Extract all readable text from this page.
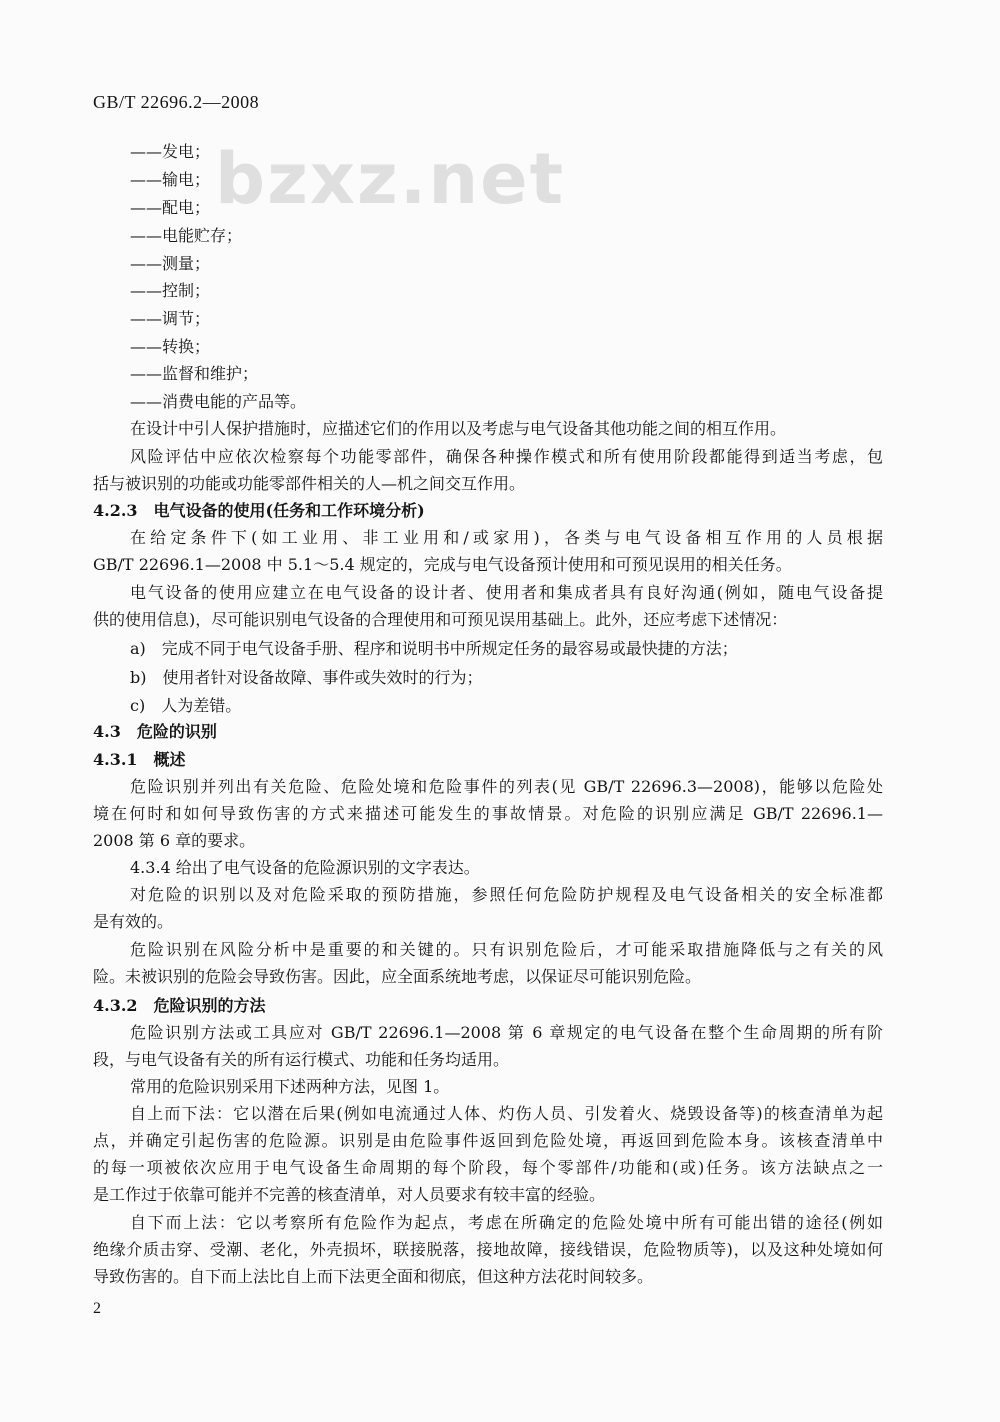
GB/T 22696.2—2008
bzxz.net
——发电；
——输电；
——配电；
——电能贮存；
——测量；
——控制；
——调节；
——转换；
——监督和维护；
——消费电能的产品等。
在设计中引人保护措施时，应描述它们的作用以及考虑与电气设备其他功能之间的相互作用。
风险评估中应依次检察每个功能零部件，确保各种操作模式和所有使用阶段都能得到适当考虑，包
括与被识别的功能或功能零部件相关的人—机之间交互作用。
4.2.3　电气设备的使用(任务和工作环境分析)
在给定条件下(如工业用、非工业用和/或家用)，各类与电气设备相互作用的人员根据
GB/T 22696.1—2008 中 5.1～5.4 规定的，完成与电气设备预计使用和可预见误用的相关任务。
电气设备的使用应建立在电气设备的设计者、使用者和集成者具有良好沟通(例如，随电气设备提
供的使用信息)，尽可能识别电气设备的合理使用和可预见误用基础上。此外，还应考虑下述情况：
a)　完成不同于电气设备手册、程序和说明书中所规定任务的最容易或最快捷的方法；
b)　使用者针对设备故障、事件或失效时的行为；
c)　人为差错。
4.3　危险的识别
4.3.1　概述
危险识别并列出有关危险、危险处境和危险事件的列表(见 GB/T 22696.3—2008)，能够以危险处
境在何时和如何导致伤害的方式来描述可能发生的事故情景。对危险的识别应满足 GB/T 22696.1—
2008 第 6 章的要求。
4.3.4 给出了电气设备的危险源识别的文字表达。
对危险的识别以及对危险采取的预防措施，参照任何危险防护规程及电气设备相关的安全标准都
是有效的。
危险识别在风险分析中是重要的和关键的。只有识别危险后，才可能采取措施降低与之有关的风
险。未被识别的危险会导致伤害。因此，应全面系统地考虑，以保证尽可能识别危险。
4.3.2　危险识别的方法
危险识别方法或工具应对 GB/T 22696.1—2008 第 6 章规定的电气设备在整个生命周期的所有阶
段，与电气设备有关的所有运行模式、功能和任务均适用。
常用的危险识别采用下述两种方法，见图 1。
自上而下法：它以潜在后果(例如电流通过人体、灼伤人员、引发着火、烧毁设备等)的核查清单为起
点，并确定引起伤害的危险源。识别是由危险事件返回到危险处境，再返回到危险本身。该核查清单中
的每一项被依次应用于电气设备生命周期的每个阶段，每个零部件/功能和(或)任务。该方法缺点之一
是工作过于依靠可能并不完善的核查清单，对人员要求有较丰富的经验。
自下而上法：它以考察所有危险作为起点，考虑在所确定的危险处境中所有可能出错的途径(例如
绝缘介质击穿、受潮、老化，外壳损坏，联接脱落，接地故障，接线错误，危险物质等)，以及这种处境如何
导致伤害的。自下而上法比自上而下法更全面和彻底，但这种方法花时间较多。
2
